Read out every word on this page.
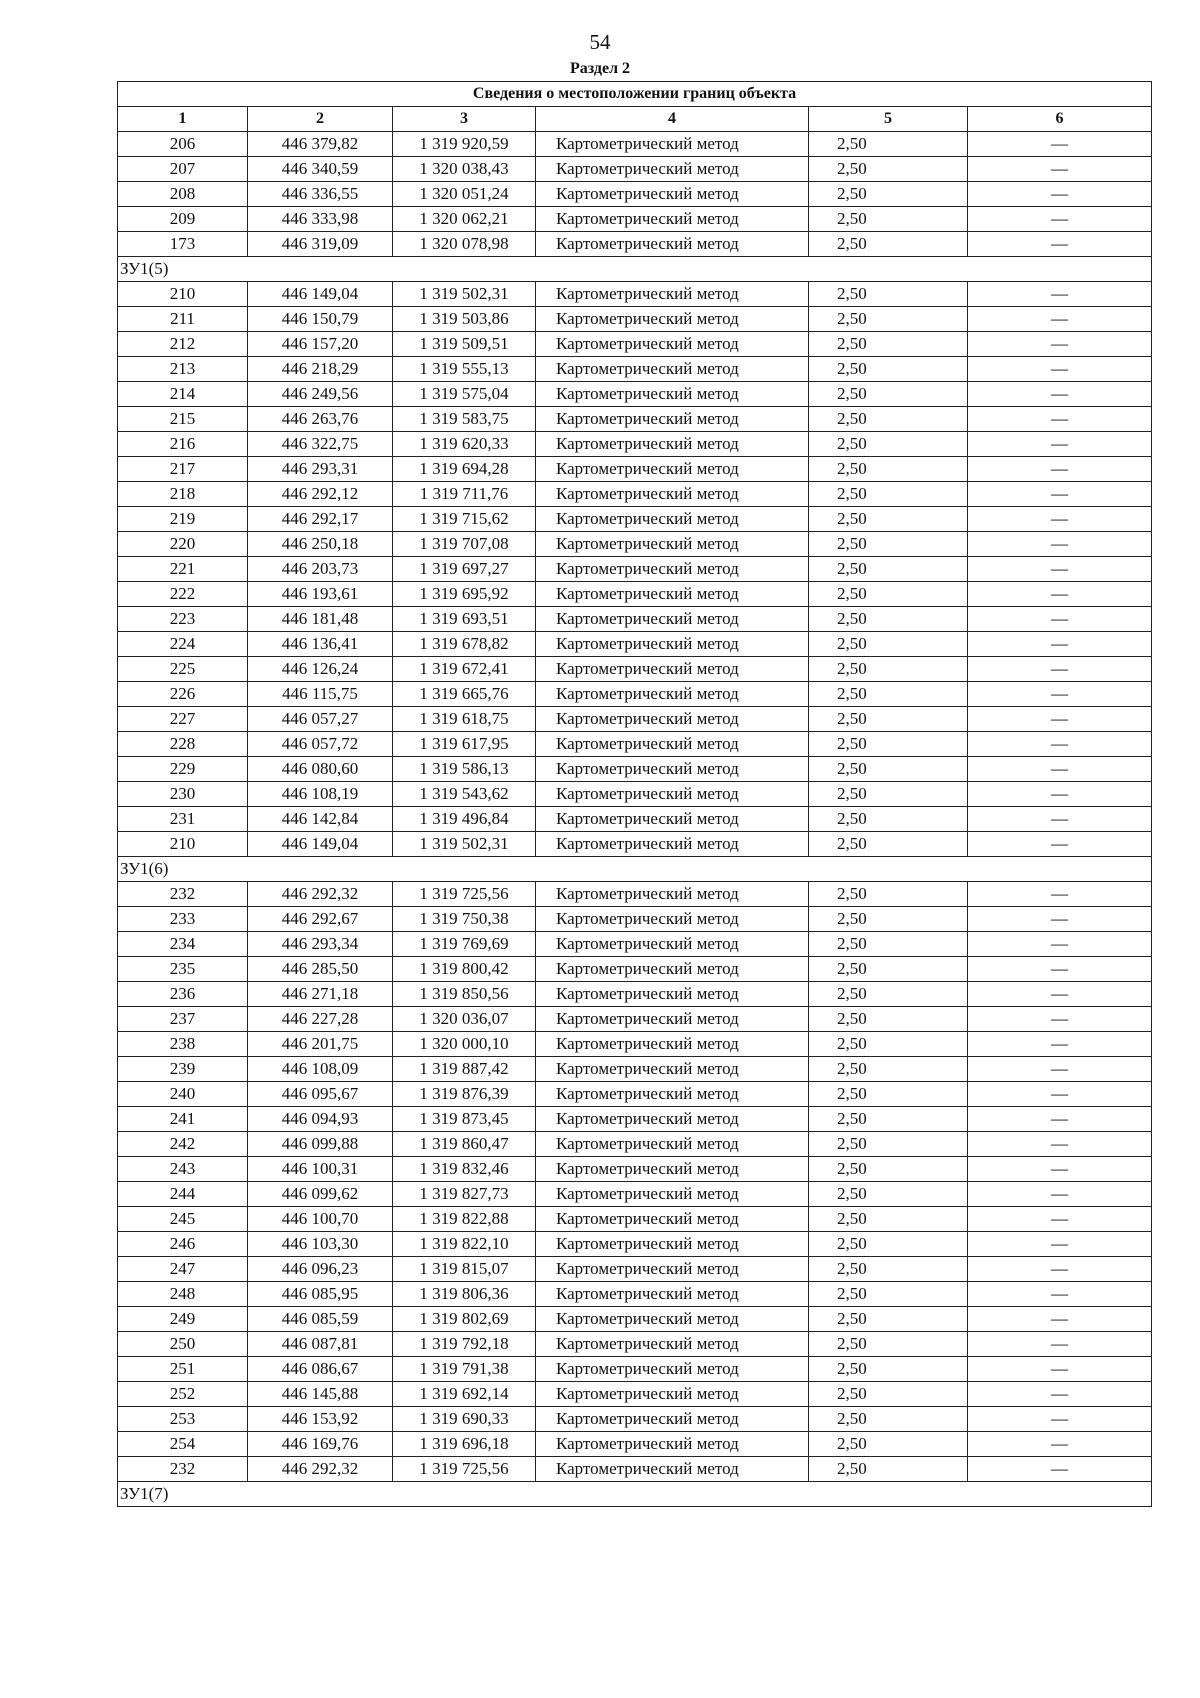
54
Раздел 2
Сведения о местоположении границ объекта					
1	2	3	4	5	6
206	446 379,82	1 319 920,59	Картометрический метод	2,50	—
207	446 340,59	1 320 038,43	Картометрический метод	2,50	—
208	446 336,55	1 320 051,24	Картометрический метод	2,50	—
209	446 333,98	1 320 062,21	Картометрический метод	2,50	—
173	446 319,09	1 320 078,98	Картометрический метод	2,50	—
ЗУ1(5)					
210	446 149,04	1 319 502,31	Картометрический метод	2,50	—
211	446 150,79	1 319 503,86	Картометрический метод	2,50	—
212	446 157,20	1 319 509,51	Картометрический метод	2,50	—
213	446 218,29	1 319 555,13	Картометрический метод	2,50	—
214	446 249,56	1 319 575,04	Картометрический метод	2,50	—
215	446 263,76	1 319 583,75	Картометрический метод	2,50	—
216	446 322,75	1 319 620,33	Картометрический метод	2,50	—
217	446 293,31	1 319 694,28	Картометрический метод	2,50	—
218	446 292,12	1 319 711,76	Картометрический метод	2,50	—
219	446 292,17	1 319 715,62	Картометрический метод	2,50	—
220	446 250,18	1 319 707,08	Картометрический метод	2,50	—
221	446 203,73	1 319 697,27	Картометрический метод	2,50	—
222	446 193,61	1 319 695,92	Картометрический метод	2,50	—
223	446 181,48	1 319 693,51	Картометрический метод	2,50	—
224	446 136,41	1 319 678,82	Картометрический метод	2,50	—
225	446 126,24	1 319 672,41	Картометрический метод	2,50	—
226	446 115,75	1 319 665,76	Картометрический метод	2,50	—
227	446 057,27	1 319 618,75	Картометрический метод	2,50	—
228	446 057,72	1 319 617,95	Картометрический метод	2,50	—
229	446 080,60	1 319 586,13	Картометрический метод	2,50	—
230	446 108,19	1 319 543,62	Картометрический метод	2,50	—
231	446 142,84	1 319 496,84	Картометрический метод	2,50	—
210	446 149,04	1 319 502,31	Картометрический метод	2,50	—
ЗУ1(6)					
232	446 292,32	1 319 725,56	Картометрический метод	2,50	—
233	446 292,67	1 319 750,38	Картометрический метод	2,50	—
234	446 293,34	1 319 769,69	Картометрический метод	2,50	—
235	446 285,50	1 319 800,42	Картометрический метод	2,50	—
236	446 271,18	1 319 850,56	Картометрический метод	2,50	—
237	446 227,28	1 320 036,07	Картометрический метод	2,50	—
238	446 201,75	1 320 000,10	Картометрический метод	2,50	—
239	446 108,09	1 319 887,42	Картометрический метод	2,50	—
240	446 095,67	1 319 876,39	Картометрический метод	2,50	—
241	446 094,93	1 319 873,45	Картометрический метод	2,50	—
242	446 099,88	1 319 860,47	Картометрический метод	2,50	—
243	446 100,31	1 319 832,46	Картометрический метод	2,50	—
244	446 099,62	1 319 827,73	Картометрический метод	2,50	—
245	446 100,70	1 319 822,88	Картометрический метод	2,50	—
246	446 103,30	1 319 822,10	Картометрический метод	2,50	—
247	446 096,23	1 319 815,07	Картометрический метод	2,50	—
248	446 085,95	1 319 806,36	Картометрический метод	2,50	—
249	446 085,59	1 319 802,69	Картометрический метод	2,50	—
250	446 087,81	1 319 792,18	Картометрический метод	2,50	—
251	446 086,67	1 319 791,38	Картометрический метод	2,50	—
252	446 145,88	1 319 692,14	Картометрический метод	2,50	—
253	446 153,92	1 319 690,33	Картометрический метод	2,50	—
254	446 169,76	1 319 696,18	Картометрический метод	2,50	—
232	446 292,32	1 319 725,56	Картометрический метод	2,50	—
ЗУ1(7)					
